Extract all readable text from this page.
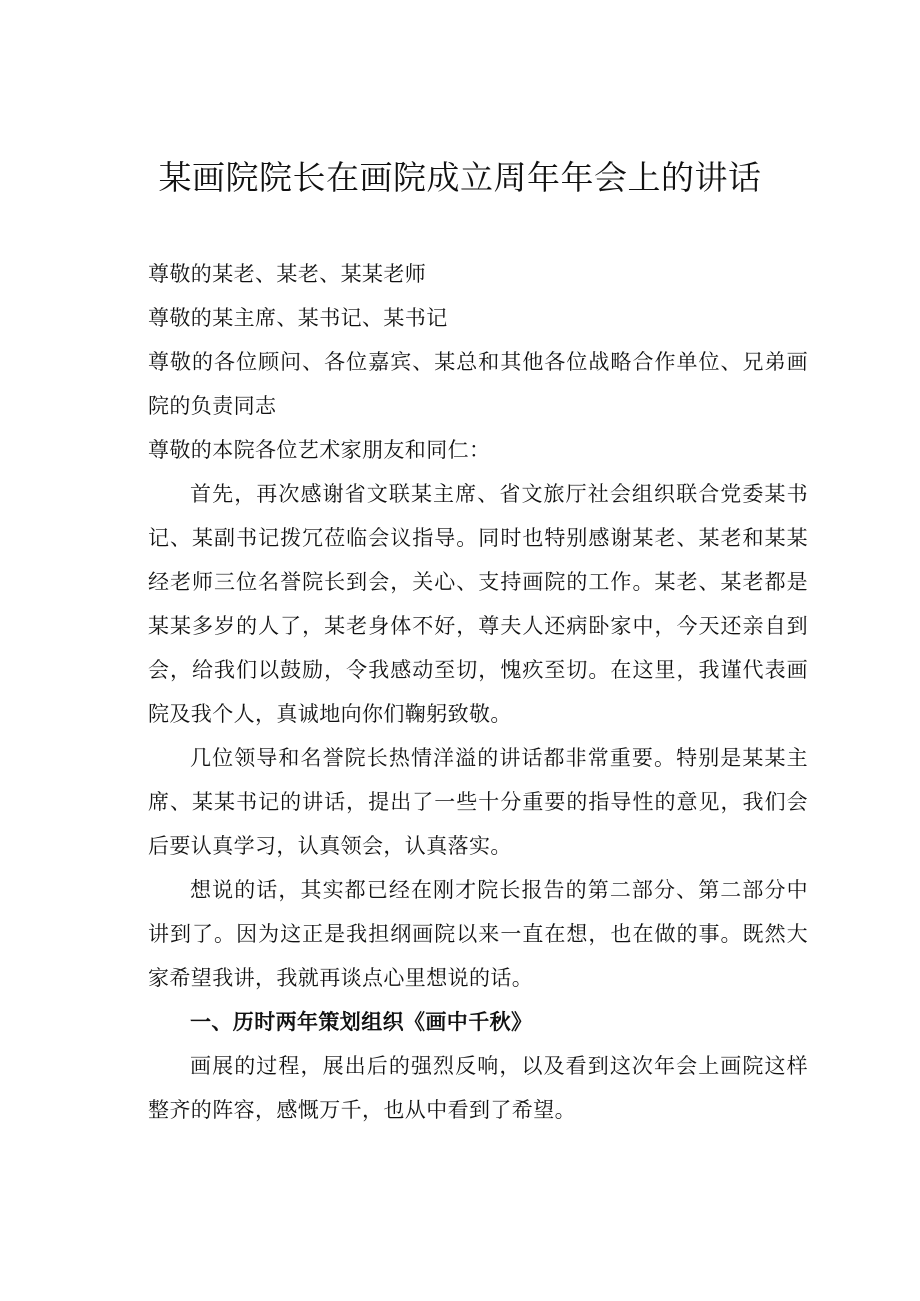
某画院院长在画院成立周年年会上的讲话

尊敬的某老、某老、某某老师

尊敬的某主席、某书记、某书记

尊敬的各位顾问、各位嘉宾、某总和其他各位战略合作单位、兄弟画院的负责同志

尊敬的本院各位艺术家朋友和同仁：

首先，再次感谢省文联某主席、省文旅厅社会组织联合党委某书记、某副书记拨冗莅临会议指导。同时也特别感谢某老、某老和某某经老师三位名誉院长到会，关心、支持画院的工作。某老、某老都是某某多岁的人了，某老身体不好，尊夫人还病卧家中，今天还亲自到会，给我们以鼓励，令我感动至切，愧疚至切。在这里，我谨代表画院及我个人，真诚地向你们鞠躬致敬。

几位领导和名誉院长热情洋溢的讲话都非常重要。特别是某某主席、某某书记的讲话，提出了一些十分重要的指导性的意见，我们会后要认真学习，认真领会，认真落实。

想说的话，其实都已经在刚才院长报告的第二部分、第二部分中讲到了。因为这正是我担纲画院以来一直在想，也在做的事。既然大家希望我讲，我就再谈点心里想说的话。

一、历时两年策划组织《画中千秋》

画展的过程，展出后的强烈反响，以及看到这次年会上画院这样整齐的阵容，感慨万千，也从中看到了希望。
